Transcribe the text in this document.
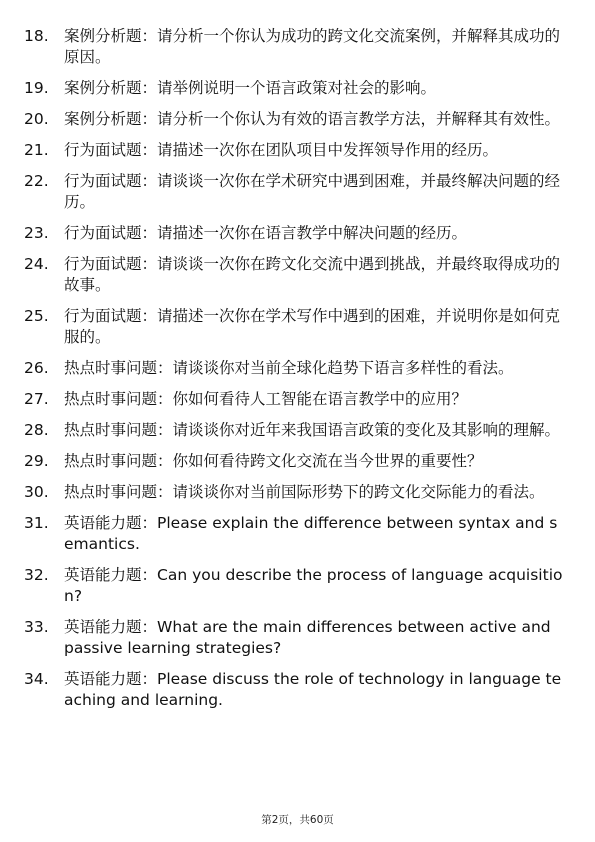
18. 案例分析题：请分析一个你认为成功的跨文化交流案例，并解释其成功的原因。
19. 案例分析题：请举例说明一个语言政策对社会的影响。
20. 案例分析题：请分析一个你认为有效的语言教学方法，并解释其有效性。
21. 行为面试题：请描述一次你在团队项目中发挥领导作用的经历。
22. 行为面试题：请谈谈一次你在学术研究中遇到困难，并最终解决问题的经历。
23. 行为面试题：请描述一次你在语言教学中解决问题的经历。
24. 行为面试题：请谈谈一次你在跨文化交流中遇到挑战，并最终取得成功的故事。
25. 行为面试题：请描述一次你在学术写作中遇到的困难，并说明你是如何克服的。
26. 热点时事问题：请谈谈你对当前全球化趋势下语言多样性的看法。
27. 热点时事问题：你如何看待人工智能在语言教学中的应用？
28. 热点时事问题：请谈谈你对近年来我国语言政策的变化及其影响的理解。
29. 热点时事问题：你如何看待跨文化交流在当今世界的重要性？
30. 热点时事问题：请谈谈你对当前国际形势下的跨文化交际能力的看法。
31. 英语能力题：Please explain the difference between syntax and semantics.
32. 英语能力题：Can you describe the process of language acquisition?
33. 英语能力题：What are the main differences between active and passive learning strategies?
34. 英语能力题：Please discuss the role of technology in language teaching and learning.
第2页，共60页
